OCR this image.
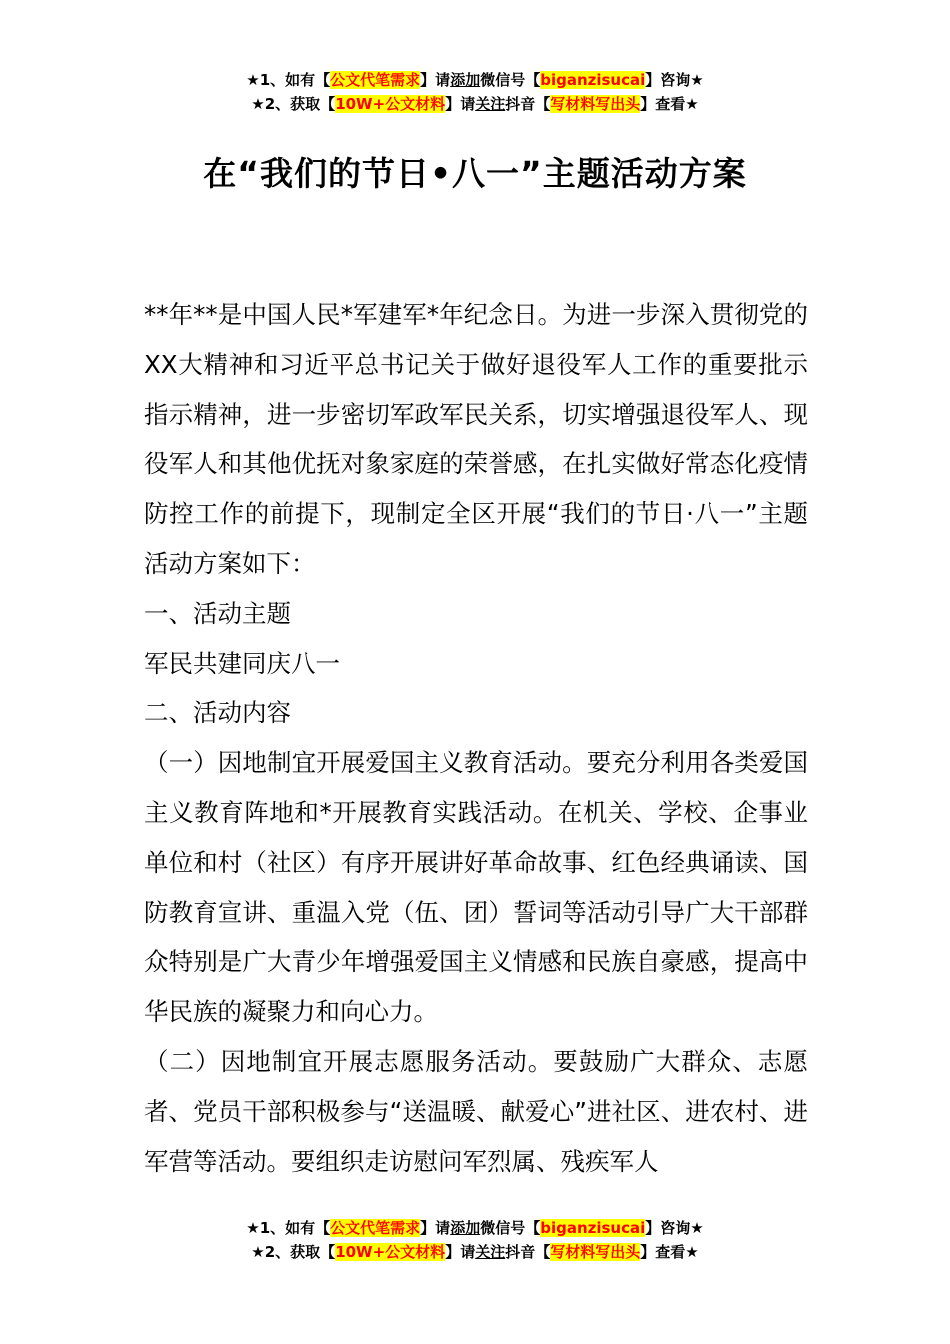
★1、如有【公文代笔需求】请添加微信号【biganzisucai】咨询★
★2、获取【10W+公文材料】请关注抖音【写材料写出头】查看★
在“我们的节日•八一”主题活动方案

**年**是中国人民*军建军*年纪念日。为进一步深入贯彻党的XX大精神和习近平总书记关于做好退役军人工作的重要批示指示精神，进一步密切军政军民关系，切实增强退役军人、现役军人和其他优抚对象家庭的荣誉感，在扎实做好常态化疫情防控工作的前提下，现制定全区开展“我们的节日·八一”主题活动方案如下：

一、活动主题

军民共建同庆八一

二、活动内容

（一）因地制宜开展爱国主义教育活动。要充分利用各类爱国主义教育阵地和*开展教育实践活动。在机关、学校、企事业单位和村（社区）有序开展讲好革命故事、红色经典诵读、国防教育宣讲、重温入党（伍、团）誓词等活动引导广大干部群众特别是广大青少年增强爱国主义情感和民族自豪感，提高中华民族的凝聚力和向心力。

（二）因地制宜开展志愿服务活动。要鼓励广大群众、志愿者、党员干部积极参与“送温暖、献爱心”进社区、进农村、进军营等活动。要组织走访慰问军烈属、残疾军人

★1、如有【公文代笔需求】请添加微信号【biganzisucai】咨询★
★2、获取【10W+公文材料】请关注抖音【写材料写出头】查看★
